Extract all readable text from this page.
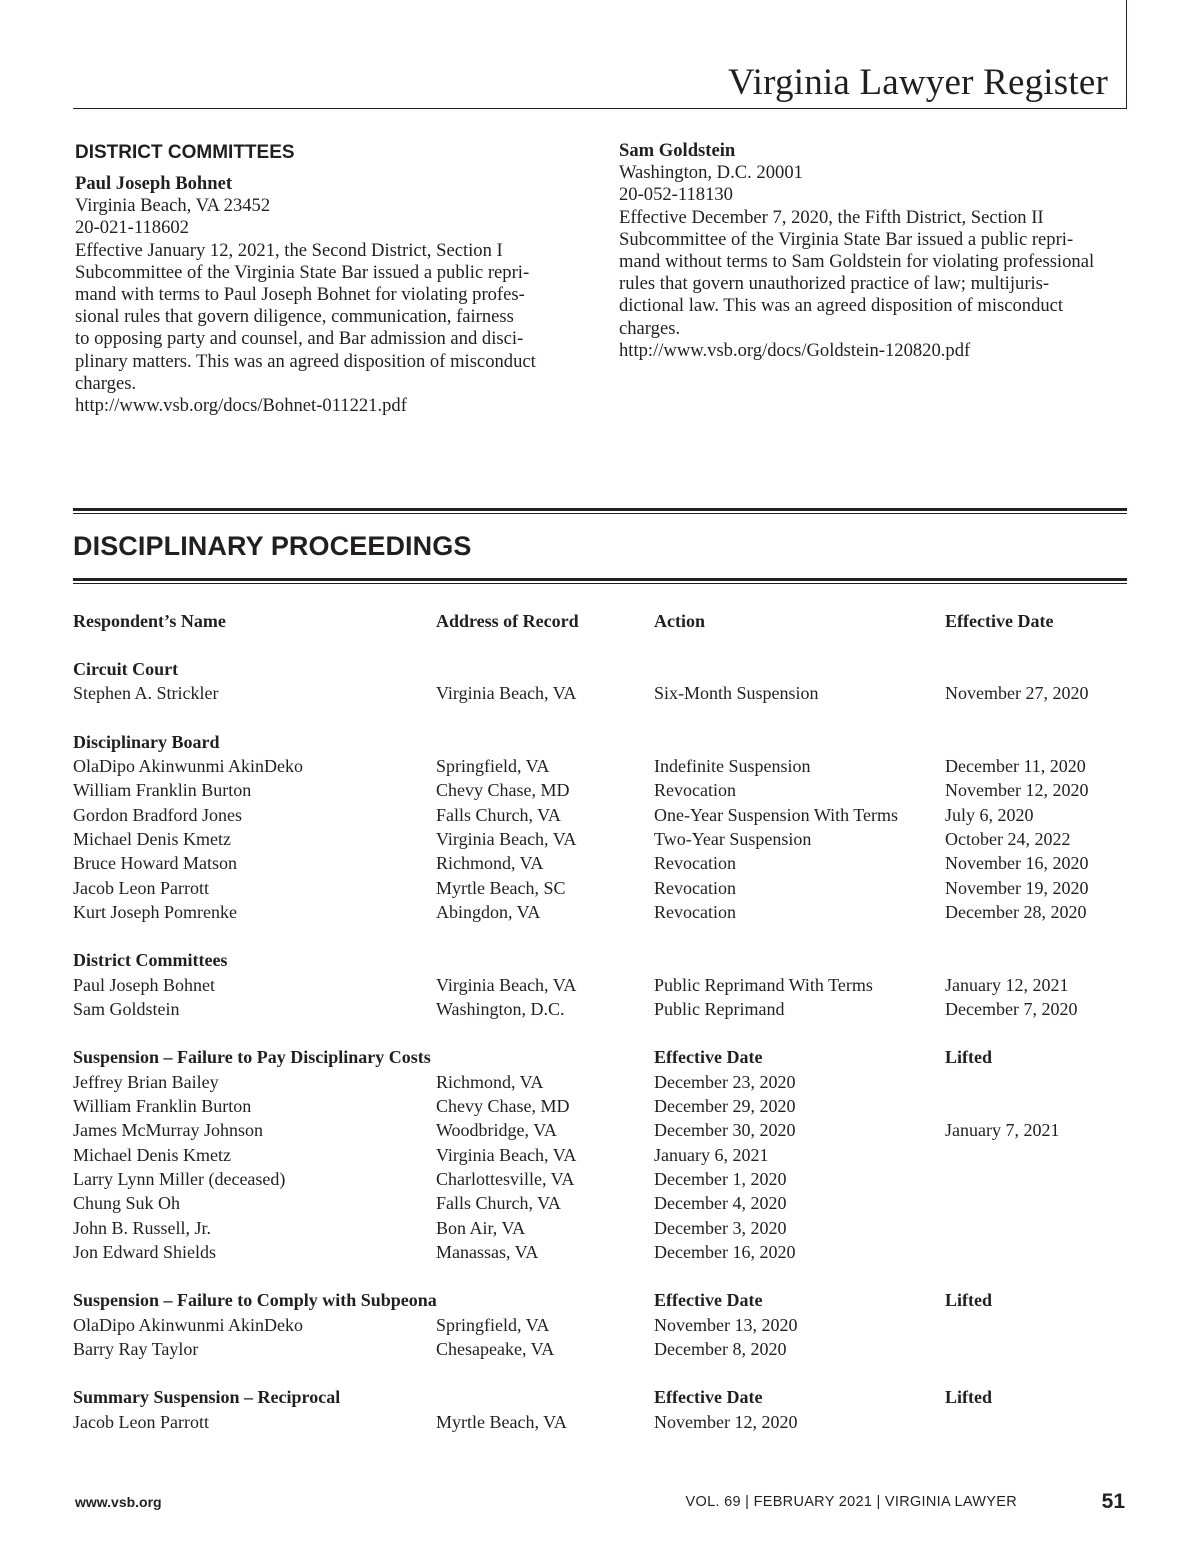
Virginia Lawyer Register
DISTRICT COMMITTEES
Paul Joseph Bohnet
Virginia Beach, VA 23452
20-021-118602
Effective January 12, 2021, the Second District, Section I
Subcommittee of the Virginia State Bar issued a public repri-
mand with terms to Paul Joseph Bohnet for violating profes-
sional rules that govern diligence, communication, fairness
to opposing party and counsel, and Bar admission and disci-
plinary matters. This was an agreed disposition of misconduct
charges.
http://www.vsb.org/docs/Bohnet-011221.pdf
Sam Goldstein
Washington, D.C. 20001
20-052-118130
Effective December 7, 2020, the Fifth District, Section II
Subcommittee of the Virginia State Bar issued a public repri-
mand without terms to Sam Goldstein for violating professional
rules that govern unauthorized practice of law; multijuris-
dictional law. This was an agreed disposition of misconduct
charges.
http://www.vsb.org/docs/Goldstein-120820.pdf
DISCIPLINARY PROCEEDINGS
Respondent’s Name	Address of Record	Action	Effective Date
Circuit Court
Stephen A. Strickler	Virginia Beach, VA	Six-Month Suspension	November 27, 2020
Disciplinary Board
OlaDipo Akinwunmi AkinDeko	Springfield, VA	Indefinite Suspension	December 11, 2020
William Franklin Burton	Chevy Chase, MD	Revocation	November 12, 2020
Gordon Bradford Jones	Falls Church, VA	One-Year Suspension With Terms	July 6, 2020
Michael Denis Kmetz	Virginia Beach, VA	Two-Year Suspension	October 24, 2022
Bruce Howard Matson	Richmond, VA	Revocation	November 16, 2020
Jacob Leon Parrott	Myrtle Beach, SC	Revocation	November 19, 2020
Kurt Joseph Pomrenke	Abingdon, VA	Revocation	December 28, 2020
District Committees
Paul Joseph Bohnet	Virginia Beach, VA	Public Reprimand With Terms	January 12, 2021
Sam Goldstein	Washington, D.C.	Public Reprimand	December 7, 2020
Suspension – Failure to Pay Disciplinary Costs	Effective Date	Lifted
Jeffrey Brian Bailey	Richmond, VA	December 23, 2020
William Franklin Burton	Chevy Chase, MD	December 29, 2020
James McMurray Johnson	Woodbridge, VA	December 30, 2020	January 7, 2021
Michael Denis Kmetz	Virginia Beach, VA	January 6, 2021
Larry Lynn Miller (deceased)	Charlottesville, VA	December 1, 2020
Chung Suk Oh	Falls Church, VA	December 4, 2020
John B. Russell, Jr.	Bon Air, VA	December 3, 2020
Jon Edward Shields	Manassas, VA	December 16, 2020
Suspension – Failure to Comply with Subpeona	Effective Date	Lifted
OlaDipo Akinwunmi AkinDeko	Springfield, VA	November 13, 2020
Barry Ray Taylor	Chesapeake, VA	December 8, 2020
Summary Suspension – Reciprocal	Effective Date	Lifted
Jacob Leon Parrott	Myrtle Beach, VA	November 12, 2020
www.vsb.org	VOL. 69 | FEBRUARY 2021 | VIRGINIA LAWYER	51
